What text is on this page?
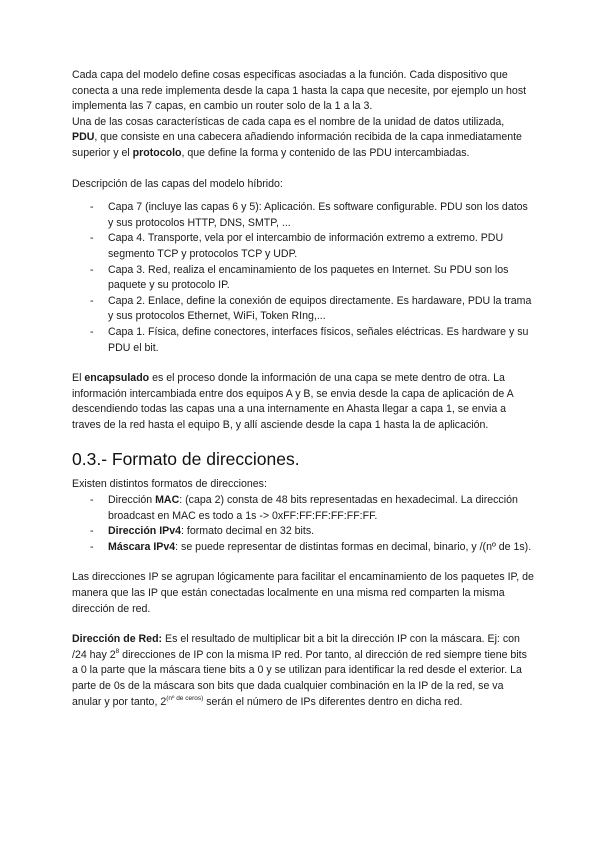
Cada capa del modelo define cosas especificas asociadas a la función. Cada dispositivo que conecta a una rede implementa desde la capa 1 hasta la capa que necesite, por ejemplo un host implementa las 7 capas, en cambio un router solo de la 1 a la 3.
Una de las cosas características de cada capa es el nombre de la unidad de datos utilizada,
PDU, que consiste en una cabecera añadiendo información recibida de la capa inmediatamente superior y el protocolo, que define la forma y contenido de las PDU intercambiadas.

Descripción de las capas del modelo híbrido:

- Capa 7 (incluye las capas 6 y 5): Aplicación. Es software configurable. PDU son los datos y sus protocolos HTTP, DNS, SMTP, ...
- Capa 4. Transporte, vela por el intercambio de información extremo a extremo. PDU segmento TCP y protocolos TCP y UDP.
- Capa 3. Red, realiza el encaminamiento de los paquetes en Internet. Su PDU son los paquete y su protocolo IP.
- Capa 2. Enlace, define la conexión de equipos directamente. Es hardaware, PDU la trama y sus protocolos Ethernet, WiFi, Token RIng,...
- Capa 1. Física, define conectores, interfaces físicos, señales eléctricas. Es hardware y su PDU el bit.

El encapsulado es el proceso donde la información de una capa se mete dentro de otra. La información intercambiada entre dos equipos A y B, se envia desde la capa de aplicación de A descendiendo todas las capas una a una internamente en Ahasta llegar a capa 1, se envia a traves de la red hasta el equipo B, y allí asciende desde la capa 1 hasta la de aplicación.

0.3.- Formato de direcciones.

Existen distintos formatos de direcciones:

- Dirección MAC: (capa 2) consta de 48 bits representadas en hexadecimal. La dirección broadcast en MAC es todo a 1s -> 0xFF:FF:FF:FF:FF:FF.
- Dirección IPv4: formato decimal en 32 bits.
- Máscara IPv4: se puede representar de distintas formas en decimal, binario, y /(nº de 1s).

Las direcciones IP se agrupan lógicamente para facilitar el encaminamiento de los paquetes IP, de manera que las IP que están conectadas localmente en una misma red comparten la misma dirección de red.

Dirección de Red: Es el resultado de multiplicar bit a bit la dirección IP con la máscara. Ej: con /24 hay $2^8$ direcciones de IP con la misma IP red. Por tanto, al dirección de red siempre tiene bits a 0 la parte que la máscara tiene bits a 0 y se utilizan para identificar la red desde el exterior. La parte de 0s de la máscara son bits que dada cualquier combinación en la IP de la red, se va anular y por tanto, $2^{(nº de ceros)}$ serán el número de IPs diferentes dentro en dicha red.
